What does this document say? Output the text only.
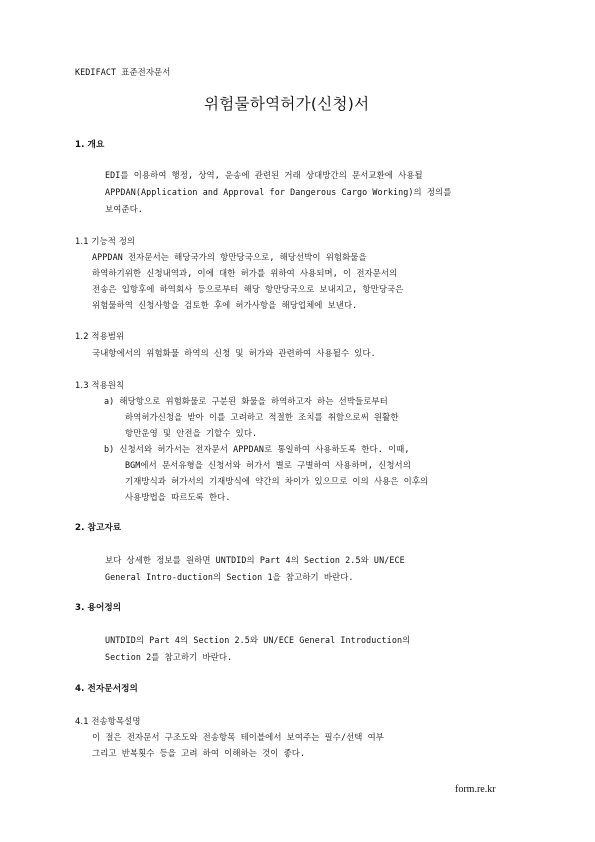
KEDIFACT 표준전자문서
위험물하역허가(신청)서
1. 개요
EDI를 이용하여 행정, 상역, 운송에 관련된 거래 상대방간의 문서교환에 사용될
APPDAN(Application and Approval for Dangerous Cargo Working)의 정의를
보여준다.
1.1 기능적 정의
APPDAN 전자문서는 해당국가의 항만당국으로, 해당선박이 위험화물을
하역하기위한 신청내역과, 이에 대한 허가를 위하여 사용되며, 이 전자문서의
전송은 입항후에 하역회사 등으로부터 해당 항만당국으로 보내지고, 항만당국은
위험물하역 신청사항을 검토한 후에 허가사항을 해당업체에 보낸다.
1.2 적용범위
국내항에서의 위험화물 하역의 신청 및 허가와 관련하여 사용될수 있다.
1.3 적용원칙
a) 해당항으로 위험화물로 구분된 화물을 하역하고자 하는 선박들로부터
하역허가신청을 받아 이를 고려하고 적절한 조치를 취함으로써 원활한
항만운영 및 안전을 기할수 있다.
b) 신청서와 허가서는 전자문서 APPDAN로 통일하여 사용하도록 한다. 이때,
BGM에서 문서유형을 신청서와 허가서 별로 구별하여 사용하며, 신청서의
기재방식과 허가서의 기재방식에 약간의 차이가 있으므로 이의 사용은 이후의
사용방법을 따르도록 한다.
2. 참고자료
보다 상세한 정보를 원하면 UNTDID의 Part 4의 Section 2.5와 UN/ECE
General Intro-duction의 Section 1을 참고하기 바란다.
3. 용어정의
UNTDID의 Part 4의 Section 2.5와 UN/ECE General Introduction의
Section 2를 참고하기 바란다.
4. 전자문서정의
4.1 전송항목설명
이 절은 전자문서 구조도와 전송항목 테이블에서 보여주는 필수/선택 여부
그리고 반복횟수 등을 고려 하여 이해하는 것이 좋다.
form.re.kr
